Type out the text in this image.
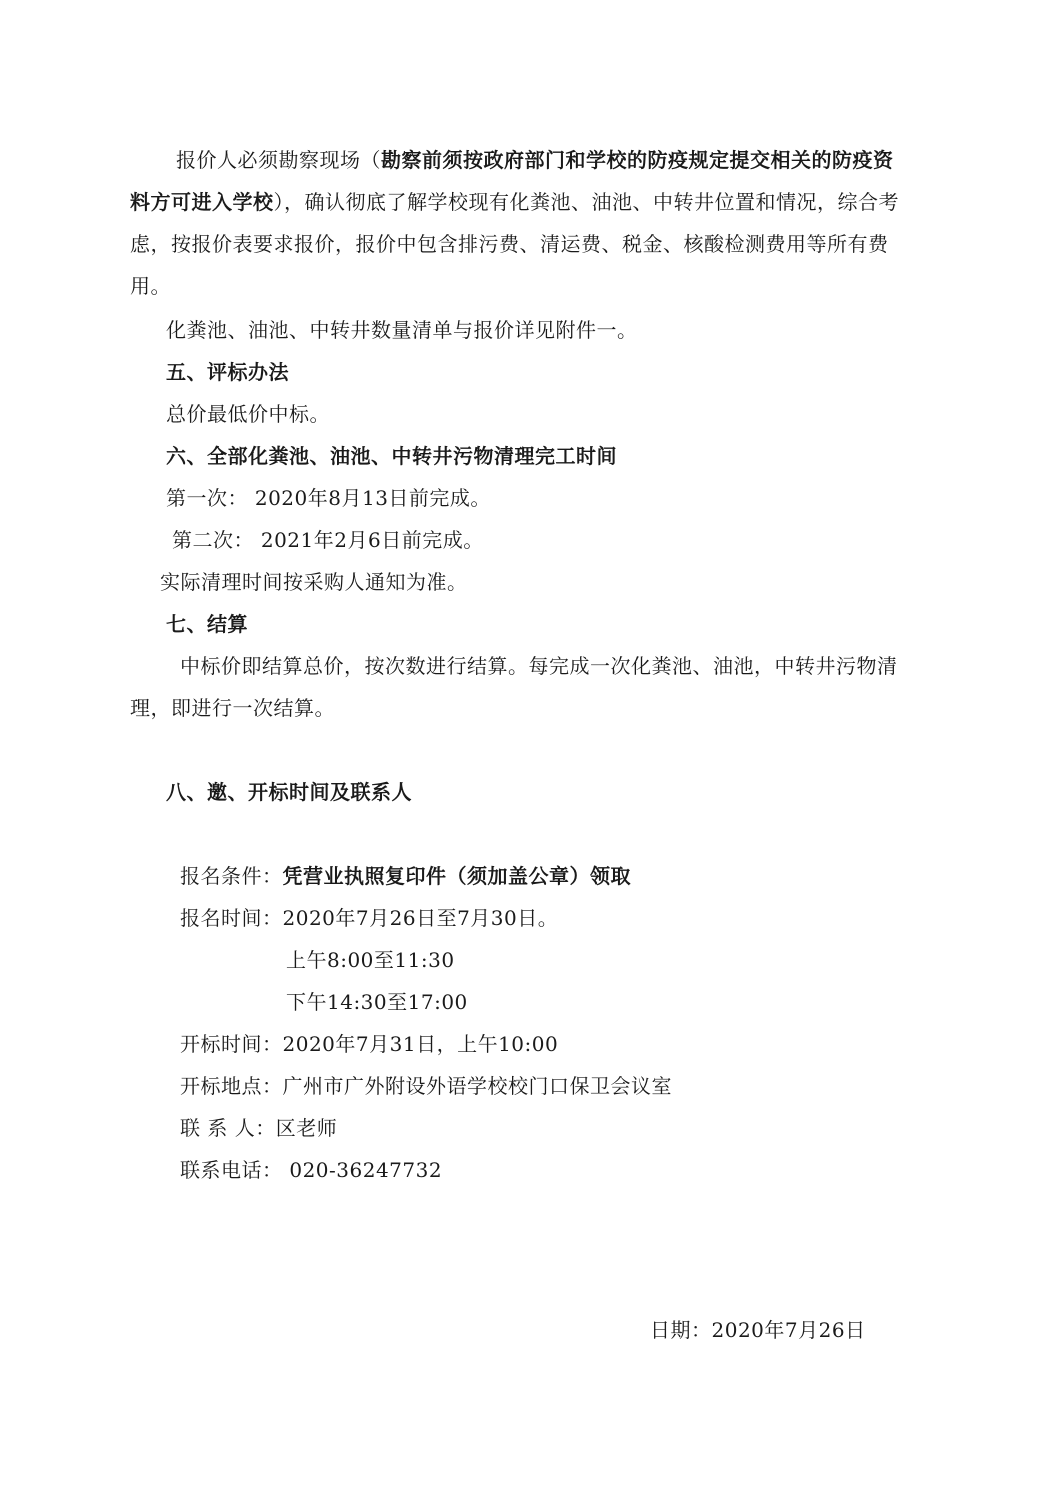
报价人必须勘察现场（勘察前须按政府部门和学校的防疫规定提交相关的防疫资
料方可进入学校），确认彻底了解学校现有化粪池、油池、中转井位置和情况，综合考
虑，按报价表要求报价，报价中包含排污费、清运费、税金、核酸检测费用等所有费
用。
化粪池、油池、中转井数量清单与报价详见附件一。
五、评标办法
总价最低价中标。
六、全部化粪池、油池、中转井污物清理完工时间
第一次： 2020年8月13日前完成。
第二次： 2021年2月6日前完成。
实际清理时间按采购人通知为准。
七、结算
中标价即结算总价，按次数进行结算。每完成一次化粪池、油池，中转井污物清
理，即进行一次结算。
八、邀、开标时间及联系人
报名条件：凭营业执照复印件（须加盖公章）领取
报名时间：2020年7月26日至7月30日。
上午8:00至11:30
下午14:30至17:00
开标时间：2020年7月31日，上午10:00
开标地点：广州市广外附设外语学校校门口保卫会议室
联 系 人：区老师
联系电话： 020-36247732
日期：2020年7月26日
